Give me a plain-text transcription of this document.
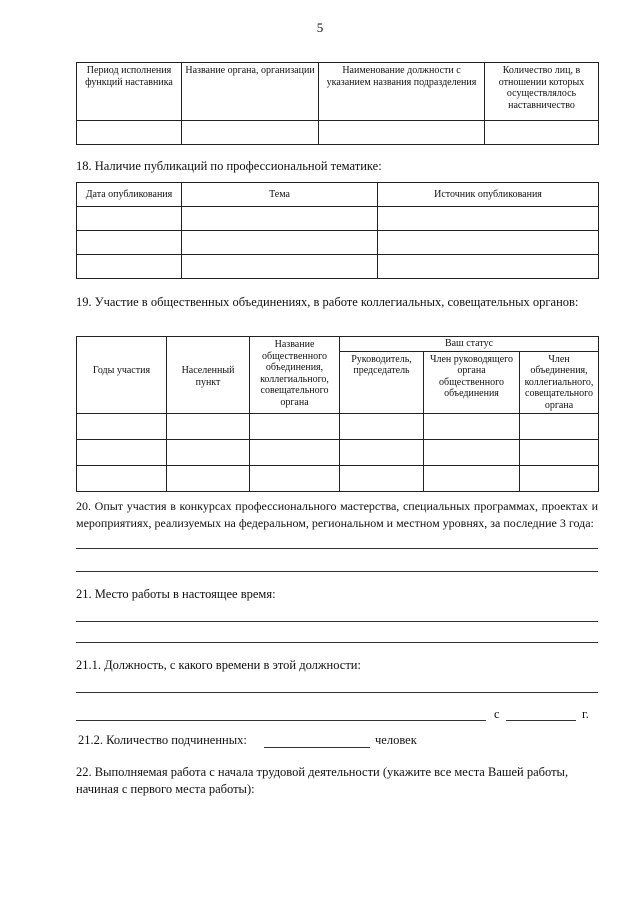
5
Период исполнения функций наставника	Название органа, организации	Наименование должности с указанием названия подразделения	Количество лиц, в отношении которых осуществлялось наставничество

18. Наличие публикаций по профессиональной тематике:
Дата опубликования	Тема	Источник опубликования

19. Участие в общественных объединениях, в работе коллегиальных, совещательных органов:
Годы участия	Населенный пункт	Название общественного объединения, коллегиального, совещательного органа	Ваш статус		
			Руководитель, председатель	Член руководящего органа общественного объединения	Член объединения, коллегиального, совещательного органа

20. Опыт участия в конкурсах профессионального мастерства, специальных программах, проектах и мероприятиях, реализуемых на федеральном, региональном и местном уровнях, за последние 3 года:
21. Место работы в настоящее время:
21.1. Должность, с какого времени в этой должности:
с	г.
21.2. Количество подчиненных:	человек
22. Выполняемая работа с начала трудовой деятельности (укажите все места Вашей работы, начиная с первого места работы):
